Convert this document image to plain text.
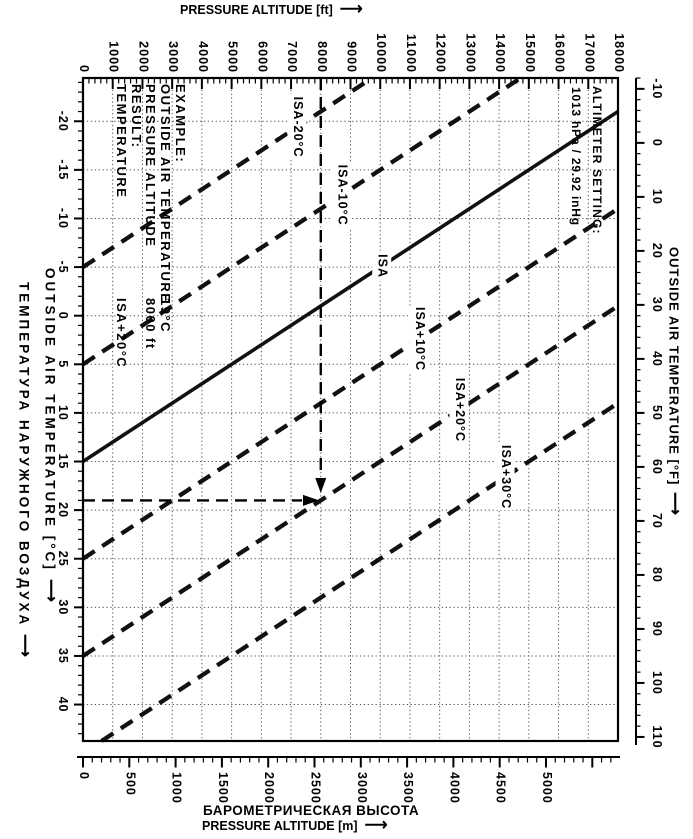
ISA-20°C
ISA-10°C
ISA
ISA+10°C
ISA+20°C
ISA+30°C
0 1000 2000 3000 4000 5000 6000 7000 8000 9000 10000 11000 12000 13000 14000 15000 16000 17000 18000
-20
-15
-10
-5
0
5
10
15
20
25
30
35
40
0	500	1000	1500	2000	2500	3000	3500	4000	4500	5000
-10
0
10
20
30
40
50
60
70
80
90
100
110
PRESSURE ALTITUDE [ft] ⟶
БАРОМЕТРИЧЕСКАЯ ВЫСОТА
PRESSURE ALTITUDE [m] ⟶
OUTSIDE AIR TEMPERATURE [°C]
⟶
ТЕМПЕРАТУРА НАРУЖНОГО ВОЗДУХА
⟶
OUTSIDE AIR TEMPERATURE [°F]
⟶
ALTIMETER SETTING:
1013 hPa / 29.92 inHg
EXAMPLE:
OUTSIDE AIR TEMPERATURE
PRESSURE ALTITUDE
RESULT:
TEMPERATURE
19°C
8000 ft
ISA+20°C
